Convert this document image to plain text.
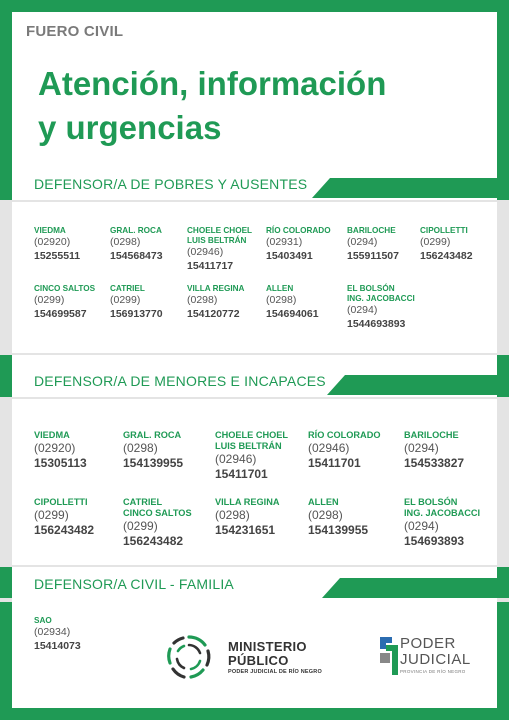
FUERO CIVIL	Teléfonos de turno las 24 hs.
Atención, información
y urgencias
DEFENSOR/A DE POBRES Y AUSENTES
VIEDMA
(02920)
15255511
GRAL. ROCA
(0298)
154568473
CHOELE CHOEL
LUIS BELTRÁN
(02946)
15411717
RÍO COLORADO
(02931)
15403491
BARILOCHE
(0294)
155911507
CIPOLLETTI
(0299)
156243482
CINCO SALTOS
(0299)
154699587
CATRIEL
(0299)
156913770
VILLA REGINA
(0298)
154120772
ALLEN
(0298)
154694061
EL BOLSÓN
ING. JACOBACCI
(0294)
1544693893
DEFENSOR/A DE MENORES E INCAPACES
VIEDMA
(02920)
15305113
GRAL. ROCA
(0298)
154139955
CHOELE CHOEL
LUIS BELTRÁN
(02946)
15411701
RÍO COLORADO
(02946)
15411701
BARILOCHE
(0294)
154533827
CIPOLLETTI
(0299)
156243482
CATRIEL
CINCO SALTOS
(0299)
156243482
VILLA REGINA
(0298)
154231651
ALLEN
(0298)
154139955
EL BOLSÓN
ING. JACOBACCI
(0294)
154693893
DEFENSOR/A CIVIL - FAMILIA
SAO
(02934)
15414073	MINISTERIO
PÚBLICO
PODER JUDICIAL DE RÍO NEGRO
PODER
JUDICIAL
PROVINCIA DE RÍO NEGRO
